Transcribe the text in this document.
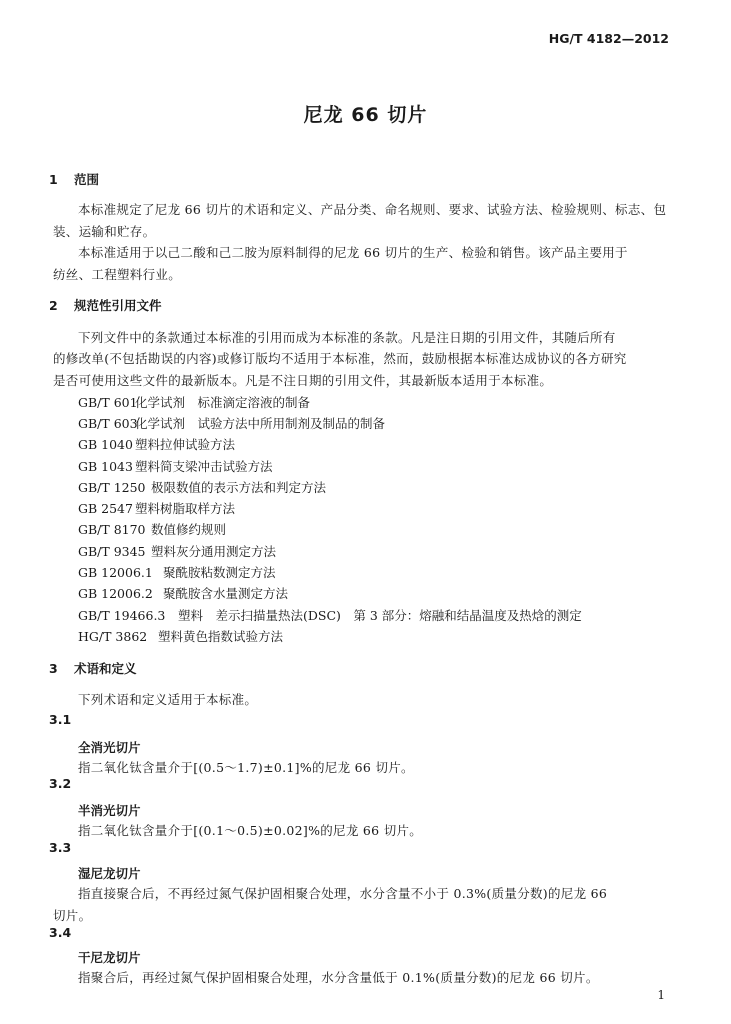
HG/T 4182—2012
尼龙 66 切片
1 范围
本标准规定了尼龙 66 切片的术语和定义、产品分类、命名规则、要求、试验方法、检验规则、标志、包
装、运输和贮存。
本标准适用于以己二酸和己二胺为原料制得的尼龙 66 切片的生产、检验和销售。该产品主要用于
纺丝、工程塑料行业。
2 规范性引用文件
下列文件中的条款通过本标准的引用而成为本标准的条款。凡是注日期的引用文件，其随后所有
的修改单(不包括勘误的内容)或修订版均不适用于本标准，然而，鼓励根据本标准达成协议的各方研究
是否可使用这些文件的最新版本。凡是不注日期的引用文件，其最新版本适用于本标准。
GB/T 601化学试剂　标准滴定溶液的制备
GB/T 603化学试剂　试验方法中所用制剂及制品的制备
GB 1040 塑料拉伸试验方法
GB 1043 塑料简支梁冲击试验方法
GB/T 1250 极限数值的表示方法和判定方法
GB 2547 塑料树脂取样方法
GB/T 8170 数值修约规则
GB/T 9345 塑料灰分通用测定方法
GB 12006.1 聚酰胺粘数测定方法
GB 12006.2 聚酰胺含水量测定方法
GB/T 19466.3 塑料　差示扫描量热法(DSC)　第 3 部分：熔融和结晶温度及热焓的测定
HG/T 3862 塑料黄色指数试验方法
3 术语和定义
下列术语和定义适用于本标准。
3.1
全消光切片
指二氧化钛含量介于[(0.5～1.7)±0.1]%的尼龙 66 切片。
3.2
半消光切片
指二氧化钛含量介于[(0.1～0.5)±0.02]%的尼龙 66 切片。
3.3
湿尼龙切片
指直接聚合后，不再经过氮气保护固相聚合处理，水分含量不小于 0.3%(质量分数)的尼龙 66
切片。
3.4
干尼龙切片
指聚合后，再经过氮气保护固相聚合处理，水分含量低于 0.1%(质量分数)的尼龙 66 切片。
1
